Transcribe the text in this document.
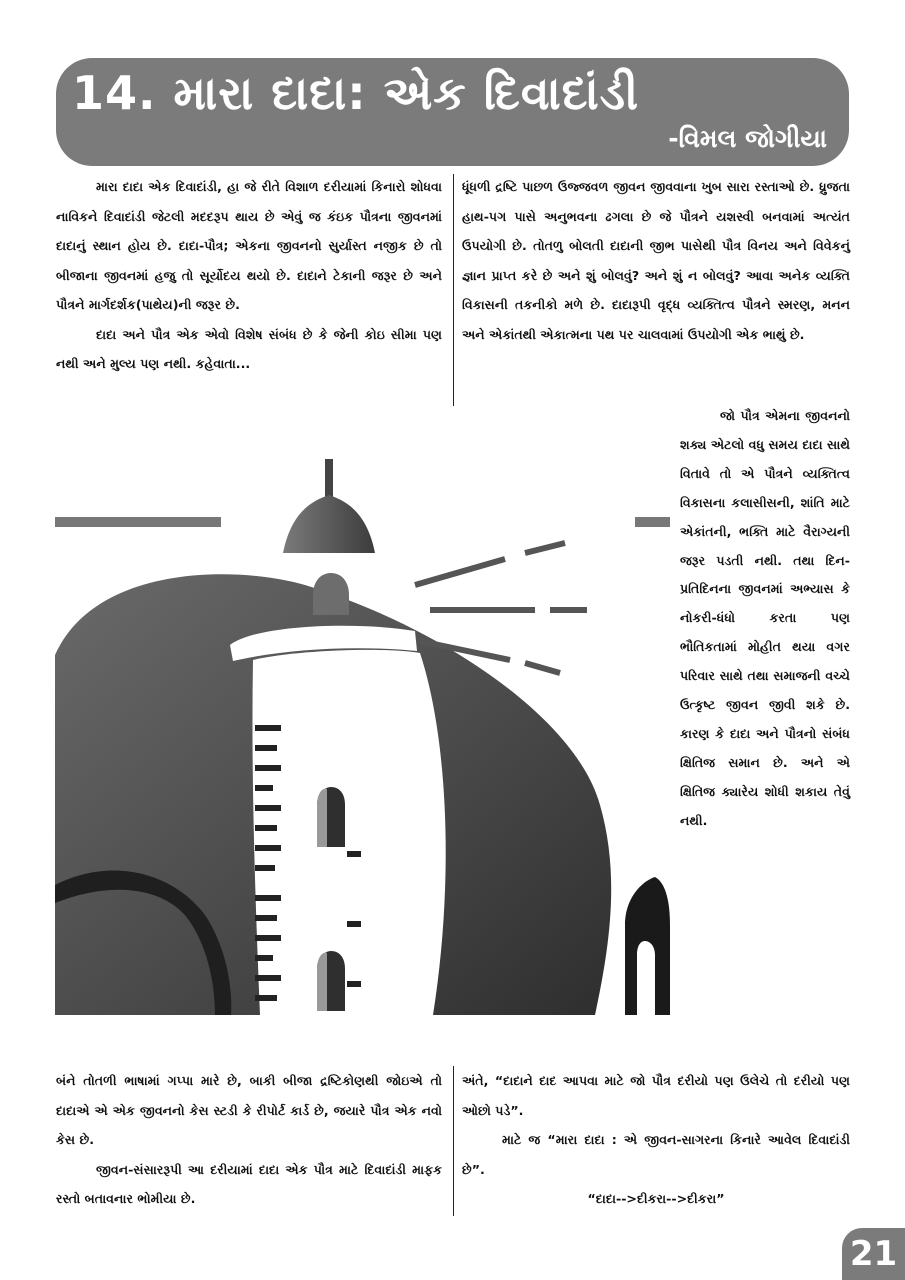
14. મારા દાદા: એક દિવાદાંડી
-વિમલ જોગીયા

મારા દાદા એક દિવાદાંડી, હા જે રીતે વિશાળ દરીયામાં કિનારો શોધવા નાવિકને દિવાદાંડી જેટલી મદદરૂપ થાય છે એવું જ કંઇક પૌત્રના જીવનમાં દાદાનું સ્થાન હોય છે. દાદા-પૌત્ર; એકના જીવનનો સુર્યાસ્ત નજીક છે તો બીજાના જીવનમાં હજુ તો સૂર્યોદય થયો છે. દાદાને ટેકાની જરૂર છે અને પૌત્રને માર્ગદર્શક(પાથેય)ની જરૂર છે.

દાદા અને પૌત્ર એક એવો વિશેષ સંબંધ છે કે જેની કોઇ સીમા પણ નથી અને મુલ્ય પણ નથી. કહેવાતા...

ધૂંધળી દ્રષ્ટિ પાછળ ઉજ્જવળ જીવન જીવવાના ખુબ સારા રસ્તાઓ છે. ધ્રુજતા હાથ-પગ પાસે અનુભવના ઢગલા છે જે પૌત્રને યશસ્વી બનવામાં અત્યંત ઉપયોગી છે. તોતળુ બોલતી દાદાની જીભ પાસેથી પૌત્ર વિનય અને વિવેકનું જ્ઞાન પ્રાપ્ત કરે છે અને શું બોલવું? અને શું ન બોલવું? આવા અનેક વ્યક્તિ વિકાસની તકનીકો મળે છે. દાદારૂપી વૃદ્ધ વ્યક્તિત્વ પૌત્રને સ્મરણ, મનન અને એકાંતથી એકાત્મના પથ પર ચાલવામાં ઉપયોગી એક ભાથું છે.

જો પૌત્ર એમના જીવનનો શક્ય એટલો વધુ સમય દાદા સાથે વિતાવે તો એ પૌત્રને વ્યક્તિત્વ વિકાસના કલાસીસની, શાંતિ માટે એકાંતની, ભક્તિ માટે વૈરાગ્યની જરૂર પડતી નથી. તથા દિન-પ્રતિદિનના જીવનમાં અભ્યાસ કે નોકરી-ધંધો કરતા પણ ભૌતિકતામાં મોહીત થયા વગર પરિવાર સાથે તથા સમાજની વચ્ચે ઉત્કૃષ્ટ જીવન જીવી શકે છે. કારણ કે દાદા અને પૌત્રનો સંબંધ ક્ષિતિજ સમાન છે. અને એ ક્ષિતિજ ક્યારેય શોધી શકાય તેવું નથી.

બંને તોતળી ભાષામાં ગપ્પા મારે છે, બાકી બીજા દ્રષ્ટિકોણથી જોઇએ તો દાદાએ એ એક જીવનનો કેસ સ્ટડી કે રીપોર્ટ કાર્ડ છે, જયારે પૌત્ર એક નવો કેસ છે.

જીવન-સંસારરૂપી આ દરીયામાં દાદા એક પૌત્ર માટે દિવાદાંડી માફક રસ્તો બતાવનાર ભોમીયા છે.

અંતે, “દાદાને દાદ આપવા માટે જો પૌત્ર દરીયો પણ ઉલેચે તો દરીયો પણ ઓછો પડે”.

માટે જ “મારા દાદા : એ જીવન-સાગરના કિનારે આવેલ દિવાદાંડી છે”.

“દાદા-->દીકરા-->દીકરા”

21
